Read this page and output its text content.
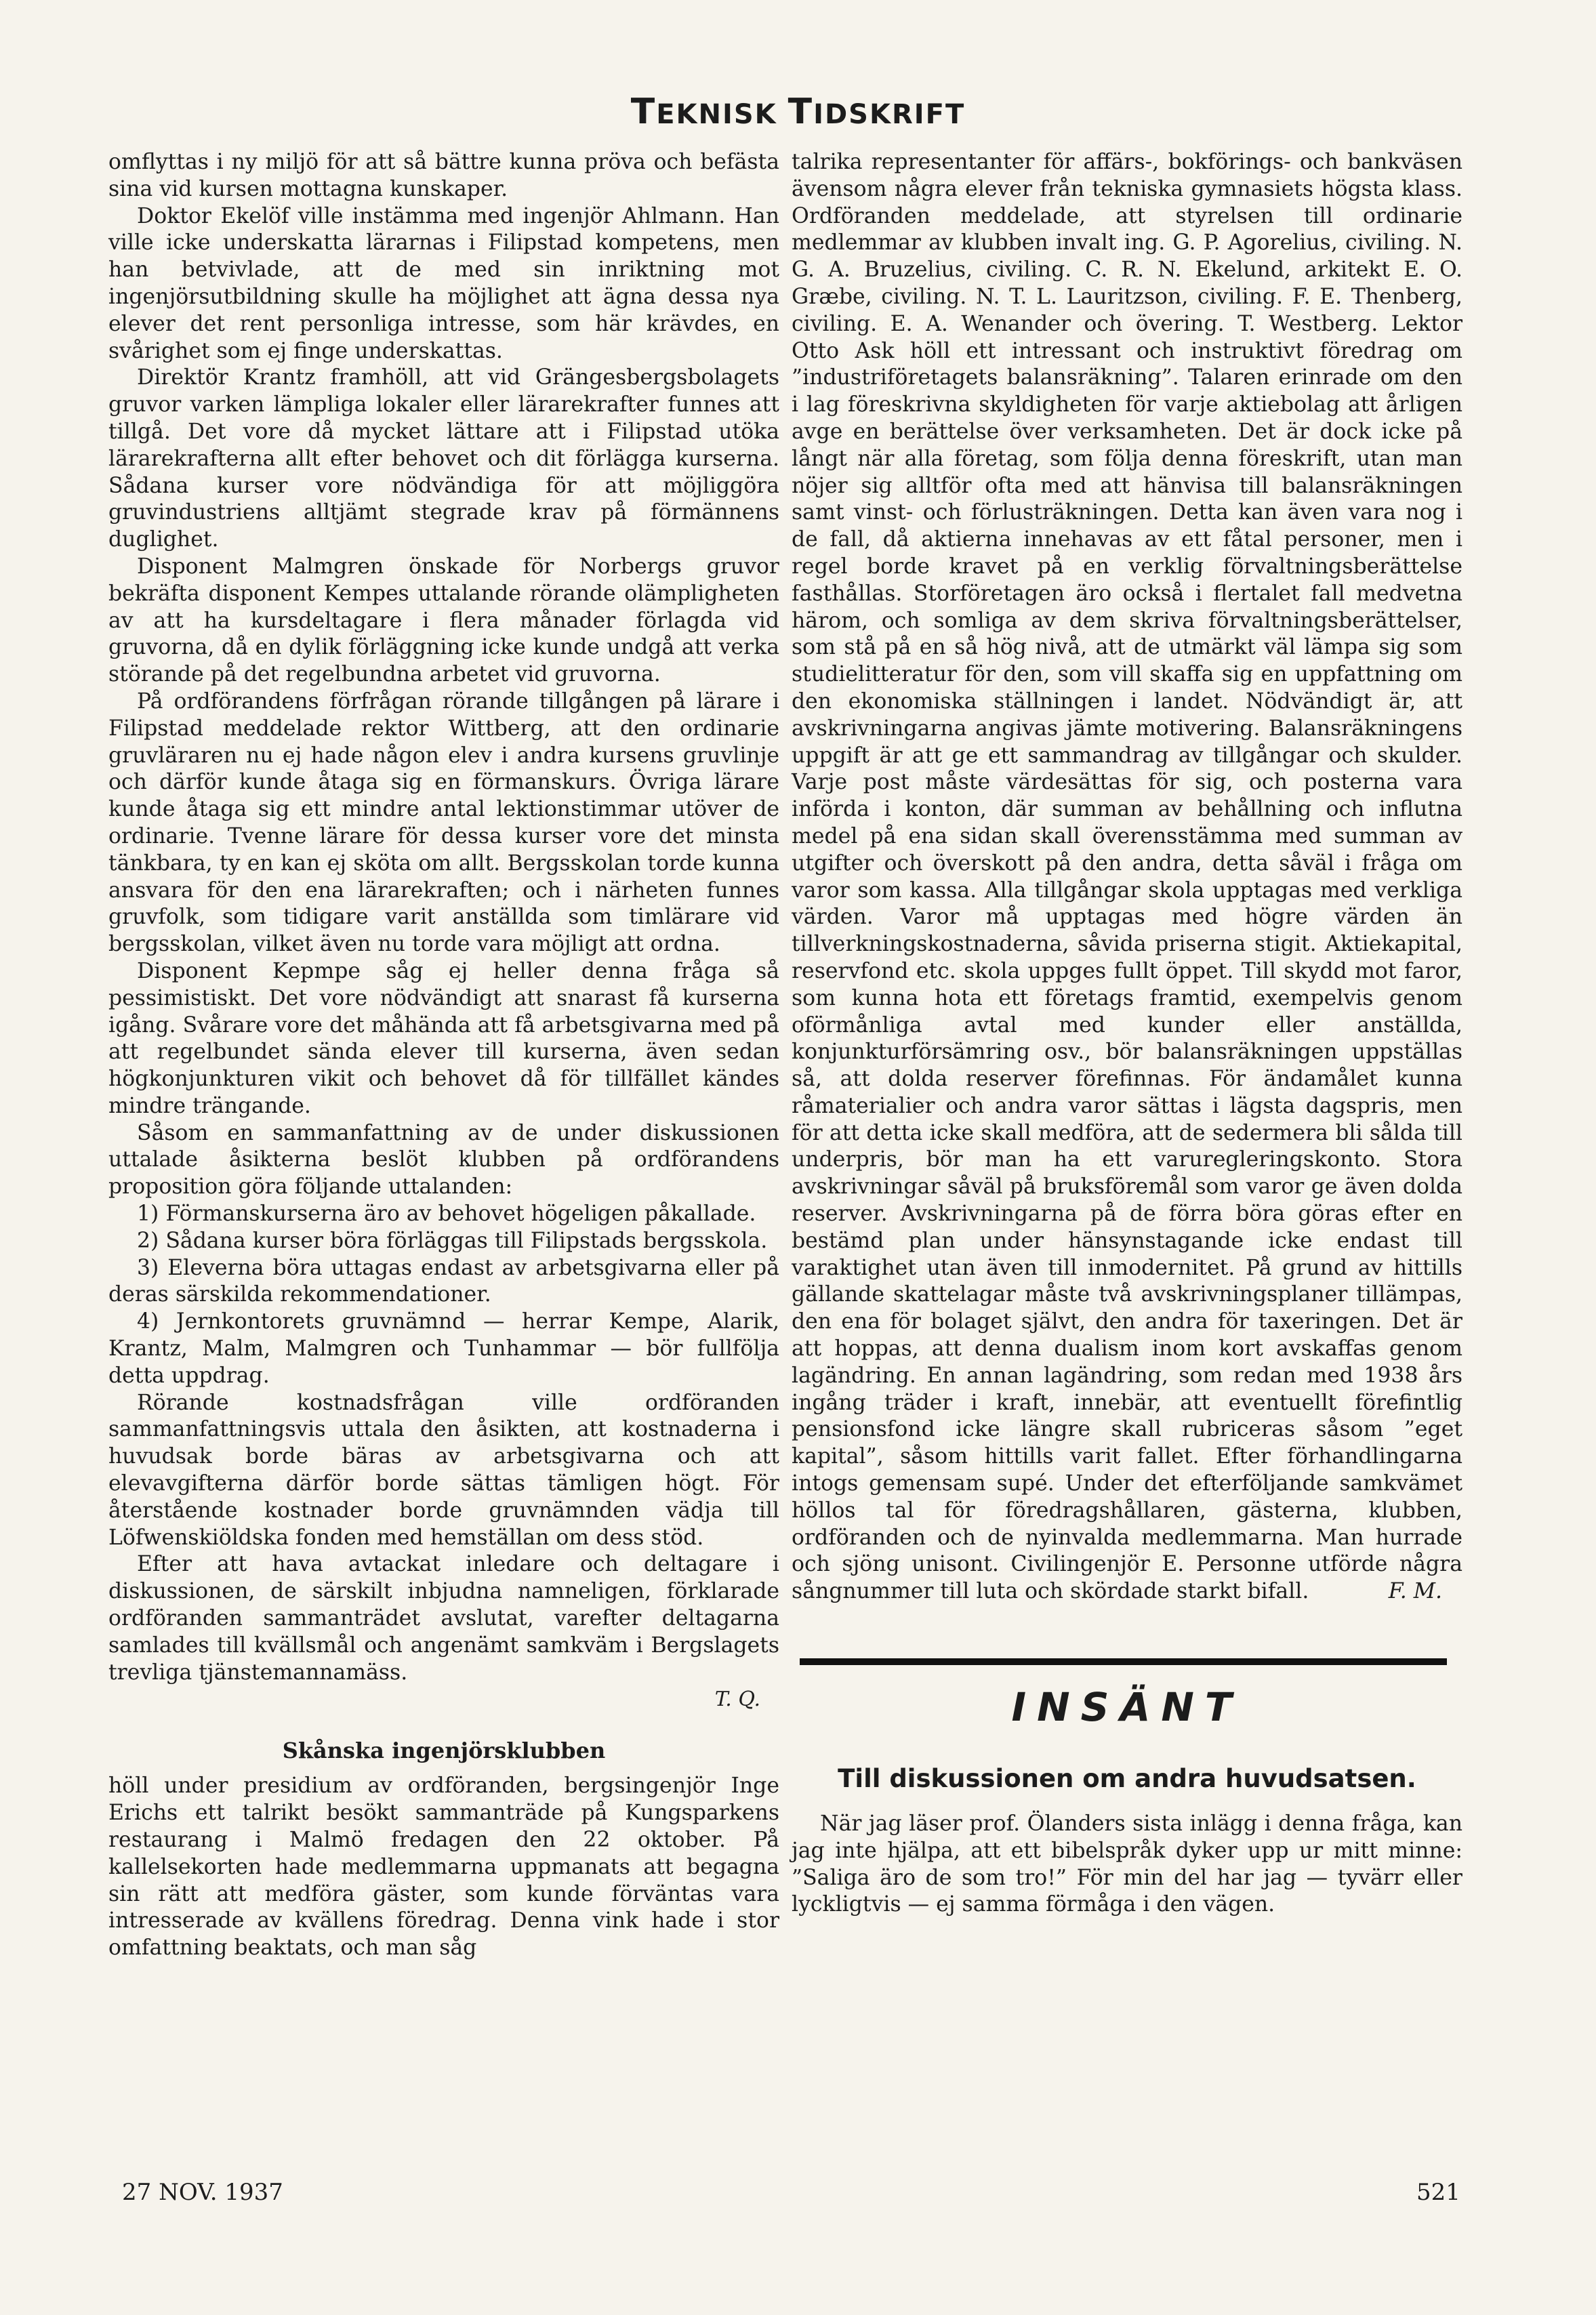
TEKNISK TIDSKRIFT

omflyttas i ny miljö för att så bättre kunna pröva och befästa sina vid kursen mottagna kunskaper.

Doktor Ekelöf ville instämma med ingenjör Ahlmann. Han ville icke underskatta lärarnas i Filipstad kompetens, men han betvivlade, att de med sin inriktning mot ingenjörsutbildning skulle ha möjlighet att ägna dessa nya elever det rent personliga intresse, som här krävdes, en svårighet som ej finge underskattas.

Direktör Krantz framhöll, att vid Grängesbergsbolagets gruvor varken lämpliga lokaler eller lärarekrafter funnes att tillgå. Det vore då mycket lättare att i Filipstad utöka lärarekrafterna allt efter behovet och dit förlägga kurserna. Sådana kurser vore nödvändiga för att möjliggöra gruvindustriens alltjämt stegrade krav på förmännens duglighet.

Disponent Malmgren önskade för Norbergs gruvor bekräfta disponent Kempes uttalande rörande olämpligheten av att ha kursdeltagare i flera månader förlagda vid gruvorna, då en dylik förläggning icke kunde undgå att verka störande på det regelbundna arbetet vid gruvorna.

På ordförandens förfrågan rörande tillgången på lärare i Filipstad meddelade rektor Wittberg, att den ordinarie gruvläraren nu ej hade någon elev i andra kursens gruvlinje och därför kunde åtaga sig en förmanskurs. Övriga lärare kunde åtaga sig ett mindre antal lektionstimmar utöver de ordinarie. Tvenne lärare för dessa kurser vore det minsta tänkbara, ty en kan ej sköta om allt. Bergsskolan torde kunna ansvara för den ena lärarekraften; och i närheten funnes gruvfolk, som tidigare varit anställda som timlärare vid bergsskolan, vilket även nu torde vara möjligt att ordna.

Disponent Kepmpe såg ej heller denna fråga så pessimistiskt. Det vore nödvändigt att snarast få kurserna igång. Svårare vore det måhända att få arbetsgivarna med på att regelbundet sända elever till kurserna, även sedan högkonjunkturen vikit och behovet då för tillfället kändes mindre trängande.

Såsom en sammanfattning av de under diskussionen uttalade åsikterna beslöt klubben på ordförandens proposition göra följande uttalanden:

1) Förmanskurserna äro av behovet högeligen påkallade.

2) Sådana kurser böra förläggas till Filipstads bergsskola.

3) Eleverna böra uttagas endast av arbetsgivarna eller på deras särskilda rekommendationer.

4) Jernkontorets gruvnämnd — herrar Kempe, Alarik, Krantz, Malm, Malmgren och Tunhammar — bör fullfölja detta uppdrag.

Rörande kostnadsfrågan ville ordföranden sammanfattningsvis uttala den åsikten, att kostnaderna i huvudsak borde bäras av arbetsgivarna och att elevavgifterna därför borde sättas tämligen högt. För återstående kostnader borde gruvnämnden vädja till Löfwenskiöldska fonden med hemställan om dess stöd.

Efter att hava avtackat inledare och deltagare i diskussionen, de särskilt inbjudna namneligen, förklarade ordföranden sammanträdet avslutat, varefter deltagarna samlades till kvällsmål och angenämt samkväm i Bergslagets trevliga tjänstemannamäss.

T. Q.
Skånska ingenjörsklubben

höll under presidium av ordföranden, bergsingenjör Inge Erichs ett talrikt besökt sammanträde på Kungsparkens restaurang i Malmö fredagen den 22 oktober. På kallelsekorten hade medlemmarna uppmanats att begagna sin rätt att medföra gäster, som kunde förväntas vara intresserade av kvällens föredrag. Denna vink hade i stor omfattning beaktats, och man såg

talrika representanter för affärs-, bokförings- och bankväsen ävensom några elever från tekniska gymnasiets högsta klass. Ordföranden meddelade, att styrelsen till ordinarie medlemmar av klubben invalt ing. G. P. Agorelius, civiling. N. G. A. Bruzelius, civiling. C. R. N. Ekelund, arkitekt E. O. Græbe, civiling. N. T. L. Lauritzson, civiling. F. E. Thenberg, civiling. E. A. Wenander och övering. T. Westberg. Lektor Otto Ask höll ett intressant och instruktivt föredrag om ”industriföretagets balansräkning”. Talaren erinrade om den i lag föreskrivna skyldigheten för varje aktiebolag att årligen avge en berättelse över verksamheten. Det är dock icke på långt när alla företag, som följa denna föreskrift, utan man nöjer sig alltför ofta med att hänvisa till balansräkningen samt vinst- och förlusträkningen. Detta kan även vara nog i de fall, då aktierna innehavas av ett fåtal personer, men i regel borde kravet på en verklig förvaltningsberättelse fasthållas. Storföretagen äro också i flertalet fall medvetna härom, och somliga av dem skriva förvaltningsberättelser, som stå på en så hög nivå, att de utmärkt väl lämpa sig som studielitteratur för den, som vill skaffa sig en uppfattning om den ekonomiska ställningen i landet. Nödvändigt är, att avskrivningarna angivas jämte motivering. Balansräkningens uppgift är att ge ett sammandrag av tillgångar och skulder. Varje post måste värdesättas för sig, och posterna vara införda i konton, där summan av behållning och influtna medel på ena sidan skall överensstämma med summan av utgifter och överskott på den andra, detta såväl i fråga om varor som kassa. Alla tillgångar skola upptagas med verkliga värden. Varor må upptagas med högre värden än tillverkningskostnaderna, såvida priserna stigit. Aktiekapital, reservfond etc. skola uppges fullt öppet. Till skydd mot faror, som kunna hota ett företags framtid, exempelvis genom oförmånliga avtal med kunder eller anställda, konjunkturförsämring osv., bör balansräkningen uppställas så, att dolda reserver förefinnas. För ändamålet kunna råmaterialier och andra varor sättas i lägsta dagspris, men för att detta icke skall medföra, att de sedermera bli sålda till underpris, bör man ha ett varuregleringskonto. Stora avskrivningar såväl på bruksföremål som varor ge även dolda reserver. Avskrivningarna på de förra böra göras efter en bestämd plan under hänsynstagande icke endast till varaktighet utan även till inmodernitet. På grund av hittills gällande skattelagar måste två avskrivningsplaner tillämpas, den ena för bolaget självt, den andra för taxeringen. Det är att hoppas, att denna dualism inom kort avskaffas genom lagändring. En annan lagändring, som redan med 1938 års ingång träder i kraft, innebär, att eventuellt förefintlig pensionsfond icke längre skall rubriceras såsom ”eget kapital”, såsom hittills varit fallet. Efter förhandlingarna intogs gemensam supé. Under det efterföljande samkvämet höllos tal för föredragshållaren, gästerna, klubben, ordföranden och de nyinvalda medlemmarna. Man hurrade och sjöng unisont. Civilingenjör E. Personne utförde några sångnummer till luta och skördade starkt bifall.	F. M.

INSÄNT
Till diskussionen om andra huvudsatsen.

När jag läser prof. Ölanders sista inlägg i denna fråga, kan jag inte hjälpa, att ett bibelspråk dyker upp ur mitt minne: ”Saliga äro de som tro!” För min del har jag — tyvärr eller lyckligtvis — ej samma förmåga i den vägen.

27 NOV. 1937	521
